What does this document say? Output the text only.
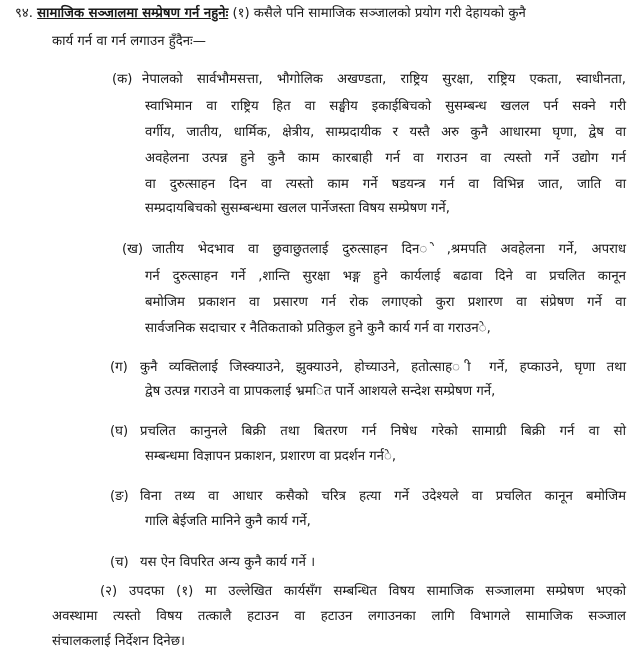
९४. सामाजिक सञ्जालमा सम्प्रेषण गर्न नहुनेः (१) कसैले पनि सामाजिक सञ्जालको प्रयोग गरी देहायको कुनै
कार्य गर्न वा गर्न लगाउन हुँदैनः—
(क) नेपालको सार्वभौमसत्ता, भौगोलिक अखण्डता, राष्ट्रिय सुरक्षा, राष्ट्रिय एकता, स्वाधीनता,
स्वाभिमान वा राष्ट्रिय हित वा सङ्घीय इकाईबिचको सुसम्बन्ध खलल पर्न सक्ने गरी
वर्गीय, जातीय, धार्मिक, क्षेत्रीय, साम्प्रदायीक र यस्तै अरु कुनै आधारमा घृणा, द्वेष वा
अवहेलना उत्पन्न हुने कुनै काम कारबाही गर्न वा गराउन वा त्यस्तो गर्ने उद्योग गर्न
वा दुरुत्साहन दिन वा त्यस्तो काम गर्ने षडयन्त्र गर्न वा विभिन्न जात, जाति वा
सम्प्रदायबिचको सुसम्बन्धमा खलल पार्नेजस्ता विषय सम्प्रेषण गर्ने,
(ख) जातीय भेदभाव वा छुवाछुतलाई दुरुत्साहन दिन◌े,श्रमपति अवहेलना गर्ने, अपराध
गर्न दुरुत्साहन गर्ने ,शान्ति सुरक्षा भङ्ग हुने कार्यलाई बढावा दिने वा प्रचलित कानून
बमोजिम प्रकाशन वा प्रसारण गर्न रोक लगाएको कुरा प्रशारण वा संप्रेषण गर्ने वा
सार्वजनिक सदाचार र नैतिकताको प्रतिकुल हुने कुनै कार्य गर्न वा गराउन◌े,
(ग) कुनै व्यक्तिलाई जिस्क्याउने, झुक्याउने, होच्याउने, हतोत्साह◌ी गर्ने, हप्काउने, घृणा तथा
द्वेष उत्पन्न गराउने वा प्रापकलाई भ्रम◌ित पार्ने आशयले सन्देश सम्प्रेषण गर्ने,
(घ) प्रचलित कानुनले बिक्री तथा बितरण गर्न निषेध गरेको सामाग्री बिक्री गर्न वा सो
सम्बन्धमा विज्ञापन प्रकाशन, प्रशारण वा प्रदर्शन गर्न◌े,
(ङ) विना तथ्य वा आधार कसैको चरित्र हत्या गर्ने उदेश्यले वा प्रचलित कानून बमोजिम
गालि बेईजति मानिने कुनै कार्य गर्ने,
(च) यस ऐन विपरित अन्य कुनै कार्य गर्ने ।
(२) उपदफा (१) मा उल्लेखित कार्यसँग सम्बन्धित विषय सामाजिक सञ्जालमा सम्प्रेषण भएको
अवस्थामा त्यस्तो विषय तत्कालै हटाउन वा हटाउन लगाउन‍का लागि विभागले सामाजिक सञ्जाल
संचालकलाई निर्देशन दिनेछ।
